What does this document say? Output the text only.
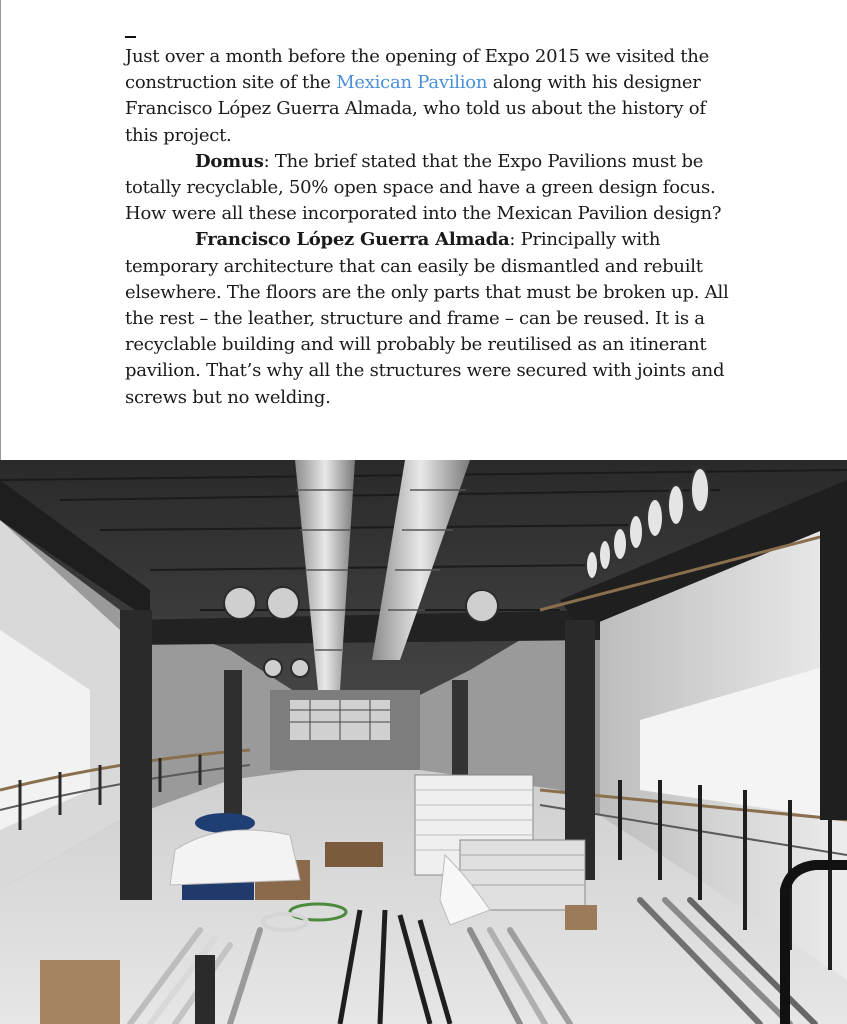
Just over a month before the opening of Expo 2015 we visited the construction site of the Mexican Pavilion along with his designer Francisco López Guerra Almada, who told us about the history of this project.

Domus: The brief stated that the Expo Pavilions must be totally recyclable, 50% open space and have a green design focus. How were all these incorporated into the Mexican Pavilion design?

Francisco López Guerra Almada: Principally with temporary architecture that can easily be dismantled and rebuilt elsewhere. The floors are the only parts that must be broken up. All the rest – the leather, structure and frame – can be reused. It is a recyclable building and will probably be reutilised as an itinerant pavilion. That’s why all the structures were secured with joints and screws but no welding.
